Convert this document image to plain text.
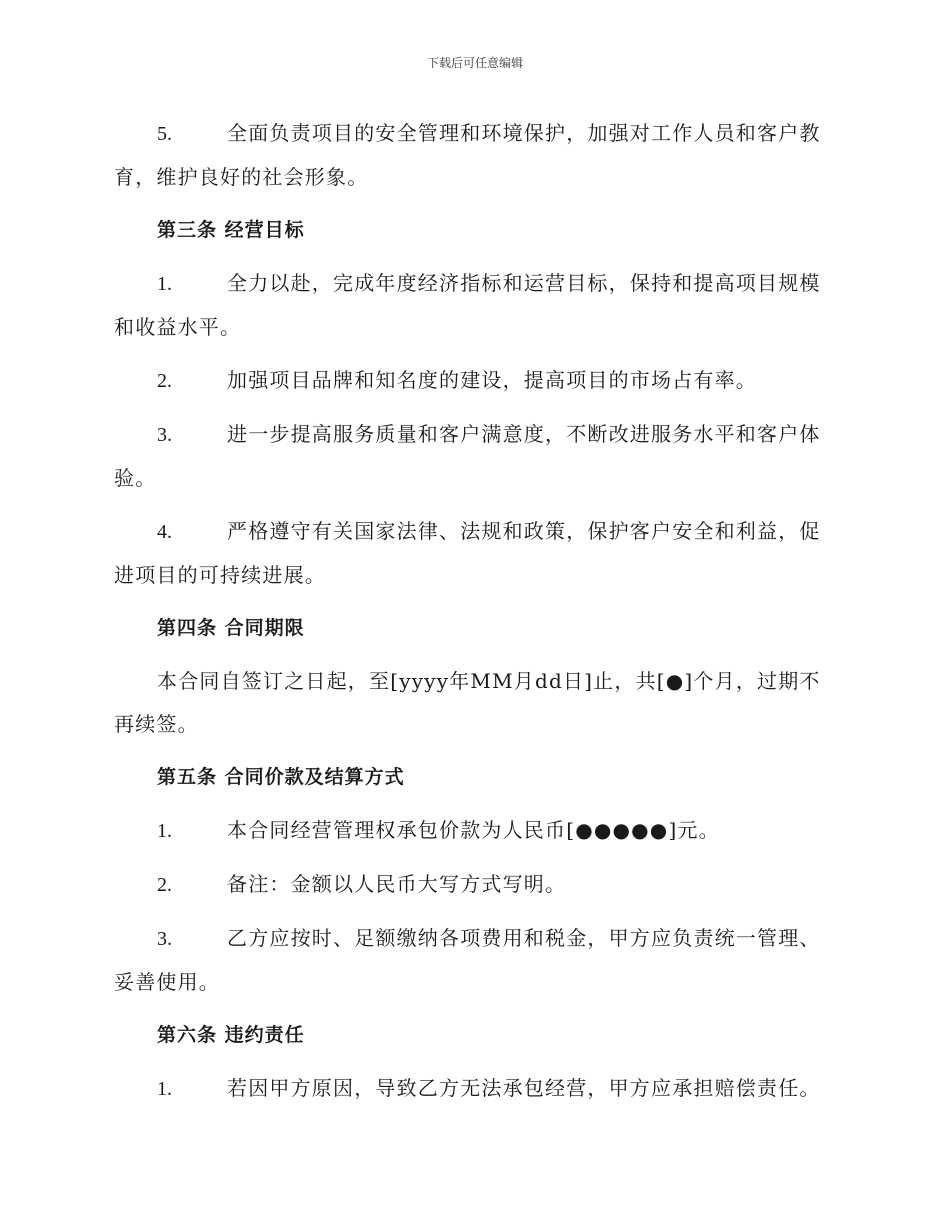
下载后可任意编辑
5.	全面负责项目的安全管理和环境保护，加强对工作人员和客户教育，维护良好的社会形象。
第三条 经营目标
1.	全力以赴，完成年度经济指标和运营目标，保持和提高项目规模和收益水平。
2.	加强项目品牌和知名度的建设，提高项目的市场占有率。
3.	进一步提高服务质量和客户满意度，不断改进服务水平和客户体验。
4.	严格遵守有关国家法律、法规和政策，保护客户安全和利益，促进项目的可持续进展。
第四条 合同期限
本合同自签订之日起，至[yyyy年MM月dd日]止，共[●]个月，过期不再续签。
第五条 合同价款及结算方式
1.	本合同经营管理权承包价款为人民币[●●●●●]元。
2.	备注：金额以人民币大写方式写明。
3.	乙方应按时、足额缴纳各项费用和税金，甲方应负责统一管理、妥善使用。
第六条 违约责任
1.	若因甲方原因，导致乙方无法承包经营，甲方应承担赔偿责任。
